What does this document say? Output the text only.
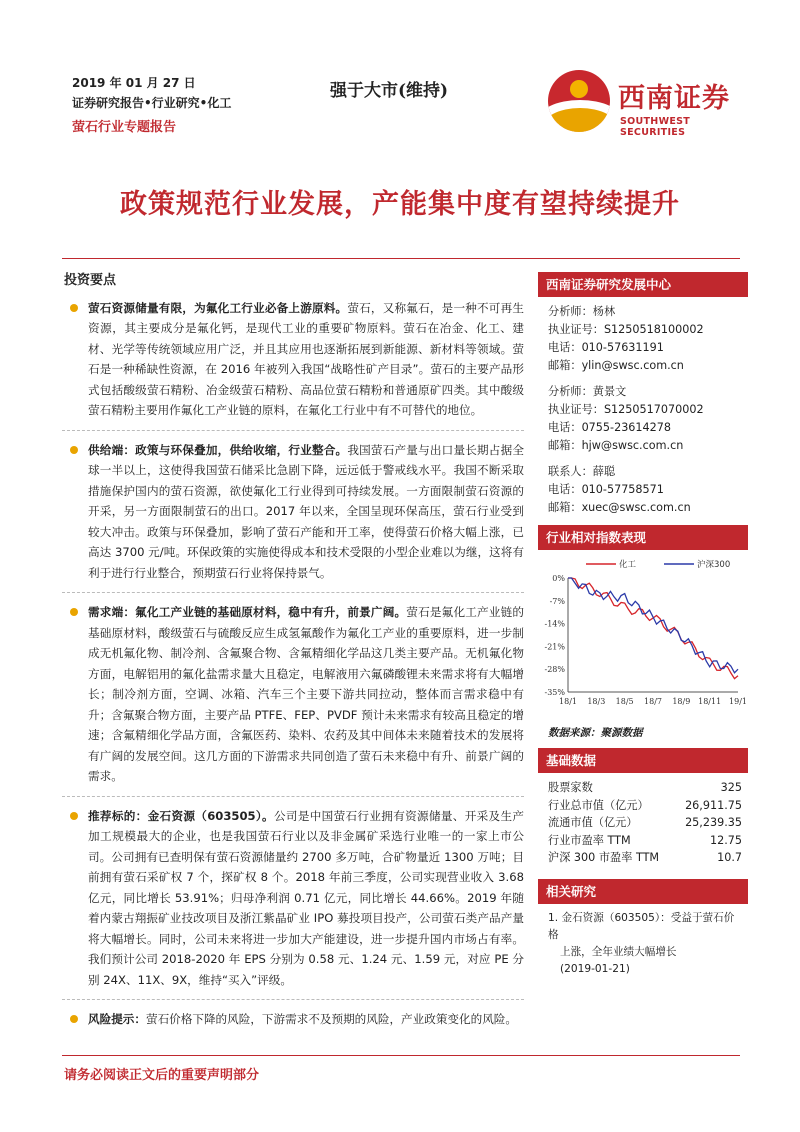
2019 年 01 月 27 日
证券研究报告•行业研究•化工
萤石行业专题报告
强于大市(维持)	西南证券
SOUTHWEST SECURITIES
政策规范行业发展，产能集中度有望持续提升
投资要点
萤石资源储量有限，为氟化工行业必备上游原料。萤石，又称氟石，是一种不可再生资源，其主要成分是氟化钙，是现代工业的重要矿物原料。萤石在冶金、化工、建材、光学等传统领域应用广泛，并且其应用也逐渐拓展到新能源、新材料等领域。萤石是一种稀缺性资源，在 2016 年被列入我国“战略性矿产目录”。萤石的主要产品形式包括酸级萤石精粉、冶金级萤石精粉、高品位萤石精粉和普通原矿四类。其中酸级萤石精粉主要用作氟化工产业链的原料，在氟化工行业中有不可替代的地位。
供给端：政策与环保叠加，供给收缩，行业整合。我国萤石产量与出口量长期占据全球一半以上，这使得我国萤石储采比急剧下降，远远低于警戒线水平。我国不断采取措施保护国内的萤石资源，欲使氟化工行业得到可持续发展。一方面限制萤石资源的开采，另一方面限制萤石的出口。2017 年以来，全国呈现环保高压，萤石行业受到较大冲击。政策与环保叠加，影响了萤石产能和开工率，使得萤石价格大幅上涨，已高达 3700 元/吨。环保政策的实施使得成本和技术受限的小型企业难以为继，这将有利于进行行业整合，预期萤石行业将保持景气。
需求端：氟化工产业链的基础原材料，稳中有升，前景广阔。萤石是氟化工产业链的基础原材料，酸级萤石与硫酸反应生成氢氟酸作为氟化工产业的重要原料，进一步制成无机氟化物、制冷剂、含氟聚合物、含氟精细化学品这几类主要产品。无机氟化物方面，电解铝用的氟化盐需求量大且稳定，电解液用六氟磷酸锂未来需求将有大幅增长；制冷剂方面，空调、冰箱、汽车三个主要下游共同拉动，整体而言需求稳中有升；含氟聚合物方面，主要产品 PTFE、FEP、PVDF 预计未来需求有较高且稳定的增速；含氟精细化学品方面，含氟医药、染料、农药及其中间体未来随着技术的发展将有广阔的发展空间。这几方面的下游需求共同创造了萤石未来稳中有升、前景广阔的需求。
推荐标的：金石资源（603505）。公司是中国萤石行业拥有资源储量、开采及生产加工规模最大的企业，也是我国萤石行业以及非金属矿采选行业唯一的一家上市公司。公司拥有已查明保有萤石资源储量约 2700 多万吨，合矿物量近 1300 万吨；目前拥有萤石采矿权 7 个，探矿权 8 个。2018 年前三季度，公司实现营业收入 3.68 亿元，同比增长 53.91%；归母净利润 0.71 亿元，同比增长 44.66%。2019 年随着内蒙古翔振矿业技改项目及浙江紫晶矿业 IPO 募投项目投产，公司萤石类产品产量将大幅增长。同时，公司未来将进一步加大产能建设，进一步提升国内市场占有率。我们预计公司 2018-2020 年 EPS 分别为 0.58 元、1.24 元、1.59 元，对应 PE 分别 24X、11X、9X，维持“买入”评级。
风险提示：萤石价格下降的风险，下游需求不及预期的风险，产业政策变化的风险。
西南证券研究发展中心
分析师：杨林
执业证号：S1250518100002
电话：010-57631191
邮箱：ylin@swsc.com.cn
分析师：黄景文
执业证号：S1250517070002
电话：0755-23614278
邮箱：hjw@swsc.com.cn
联系人：薛聪
电话：010-57758571
邮箱：xuec@swsc.com.cn
行业相对指数表现
0%
-7%
-14%
-21%
-28%
-35%
18/1 18/3 18/5 18/7 18/9 18/11 19/1
化工	沪深300
数据来源：聚源数据
基础数据
股票家数	325
行业总市值（亿元）	26,911.75
流通市值（亿元）	25,239.35
行业市盈率 TTM	12.75
沪深 300 市盈率 TTM	10.7
相关研究
1. 金石资源（603505）：受益于萤石价格
上涨，全年业绩大幅增长
(2019-01-21)
请务必阅读正文后的重要声明部分
